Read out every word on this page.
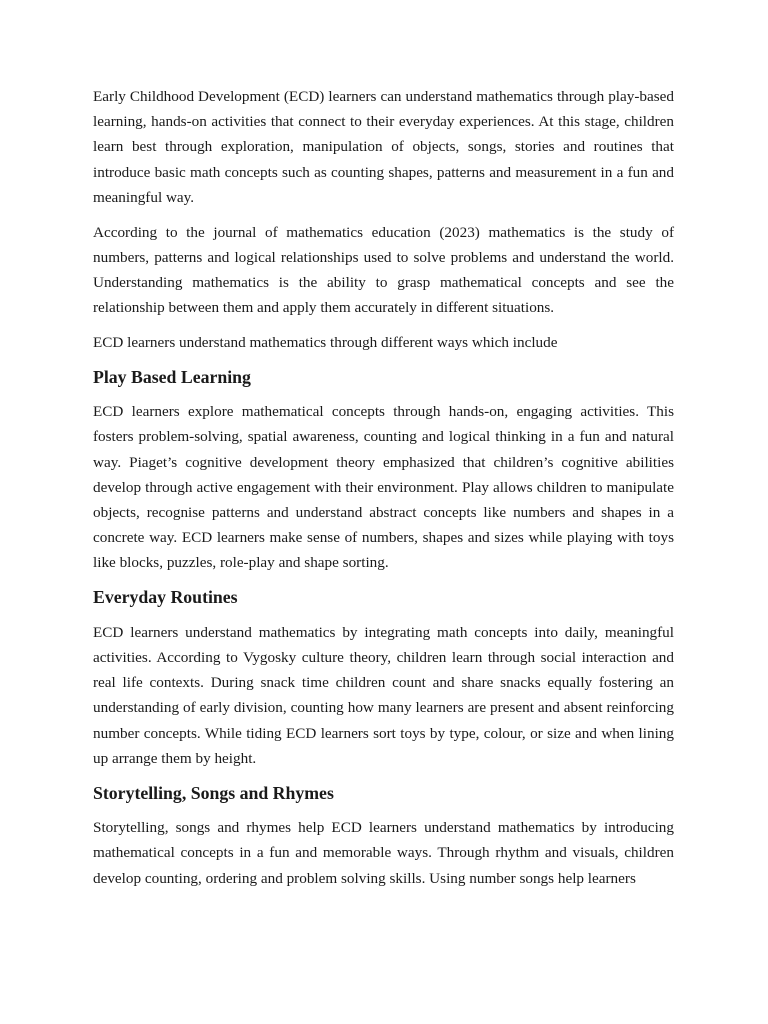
Early Childhood Development (ECD) learners can understand mathematics through play-based learning, hands-on activities that connect to their everyday experiences. At this stage, children learn best through exploration, manipulation of objects, songs, stories and routines that introduce basic math concepts such as counting shapes, patterns and measurement in a fun and meaningful way.

According to the journal of mathematics education (2023) mathematics is the study of numbers, patterns and logical relationships used to solve problems and understand the world. Understanding mathematics is the ability to grasp mathematical concepts and see the relationship between them and apply them accurately in different situations.

ECD learners understand mathematics through different ways which include

Play Based Learning

ECD learners explore mathematical concepts through hands-on, engaging activities. This fosters problem-solving, spatial awareness, counting and logical thinking in a fun and natural way. Piaget’s cognitive development theory emphasized that children’s cognitive abilities develop through active engagement with their environment. Play allows children to manipulate objects, recognise patterns and understand abstract concepts like numbers and shapes in a concrete way. ECD learners make sense of numbers, shapes and sizes while playing with toys like blocks, puzzles, role-play and shape sorting.

Everyday Routines

ECD learners understand mathematics by integrating math concepts into daily, meaningful activities. According to Vygosky culture theory, children learn through social interaction and real life contexts. During snack time children count and share snacks equally fostering an understanding of early division, counting how many learners are present and absent reinforcing number concepts. While tiding ECD learners sort toys by type, colour, or size and when lining up arrange them by height.

Storytelling, Songs and Rhymes

Storytelling, songs and rhymes help ECD learners understand mathematics by introducing mathematical concepts in a fun and memorable ways. Through rhythm and visuals, children develop counting, ordering and problem solving skills. Using number songs help learners
